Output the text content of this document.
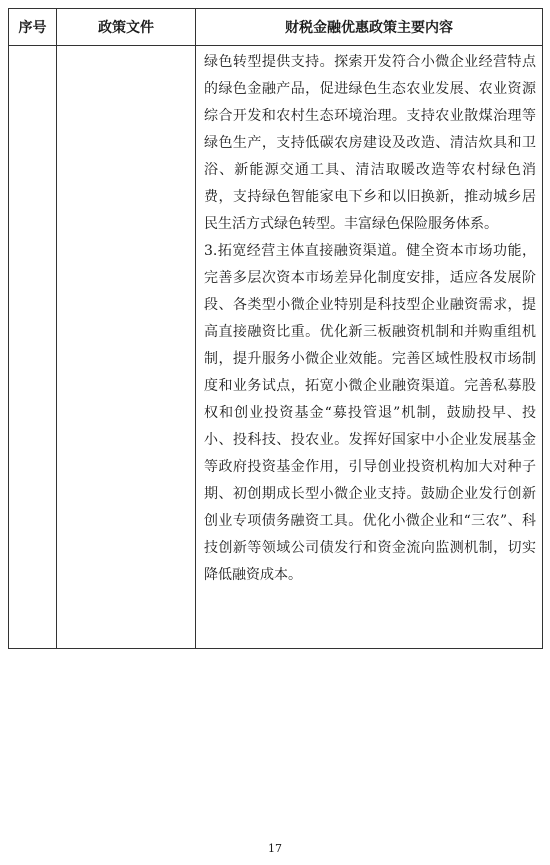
序号	政策文件	财税金融优惠政策主要内容

		绿色转型提供支持。探索开发符合小微企业经营特点的绿色金融产品，促进绿色生态农业发展、农业资源综合开发和农村生态环境治理。支持农业散煤治理等绿色生产，支持低碳农房建设及改造、清洁炊具和卫浴、新能源交通工具、清洁取暖改造等农村绿色消费，支持绿色智能家电下乡和以旧换新，推动城乡居民生活方式绿色转型。丰富绿色保险服务体系。

3.拓宽经营主体直接融资渠道。健全资本市场功能，完善多层次资本市场差异化制度安排，适应各发展阶段、各类型小微企业特别是科技型企业融资需求，提高直接融资比重。优化新三板融资机制和并购重组机制，提升服务小微企业效能。完善区域性股权市场制度和业务试点，拓宽小微企业融资渠道。完善私募股权和创业投资基金“募投管退”机制，鼓励投早、投小、投科技、投农业。发挥好国家中小企业发展基金等政府投资基金作用，引导创业投资机构加大对种子期、初创期成长型小微企业支持。鼓励企业发行创新创业专项债务融资工具。优化小微企业和“三农”、科技创新等领域公司债发行和资金流向监测机制，切实降低融资成本。

17
